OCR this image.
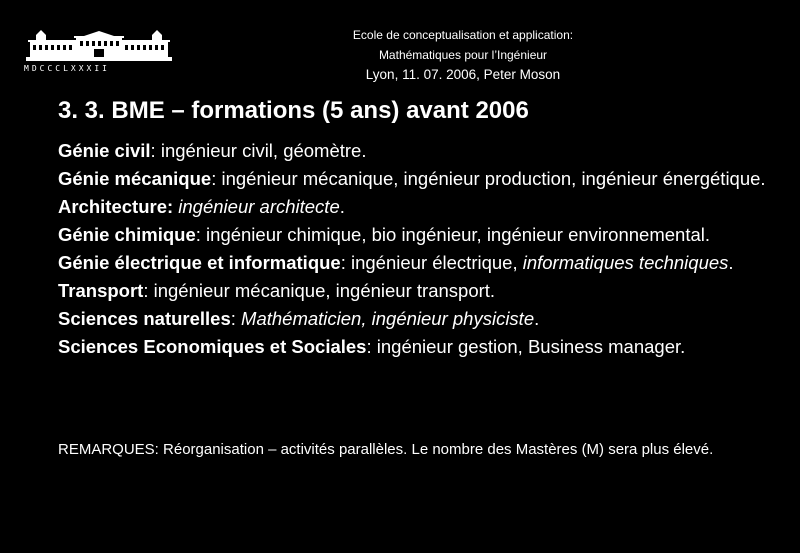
MDCCCLXXXII
Ecole de conceptualisation et application:
Mathématiques pour l’Ingénieur
Lyon, 11. 07. 2006, Peter Moson
3. 3. BME – formations (5 ans) avant 2006
Génie civil: ingénieur civil, géomètre.
Génie mécanique: ingénieur mécanique, ingénieur production, ingénieur énergétique.
Architecture: ingénieur architecte.
Génie chimique: ingénieur chimique, bio ingénieur, ingénieur environnemental.
Génie électrique et informatique: ingénieur électrique, informatiques techniques.
Transport: ingénieur mécanique, ingénieur transport.
Sciences naturelles: Mathématicien, ingénieur physiciste.
Sciences Economiques et Sociales: ingénieur gestion, Business manager.
REMARQUES: Réorganisation – activités parallèles. Le nombre des Mastères (M) sera plus élevé.
